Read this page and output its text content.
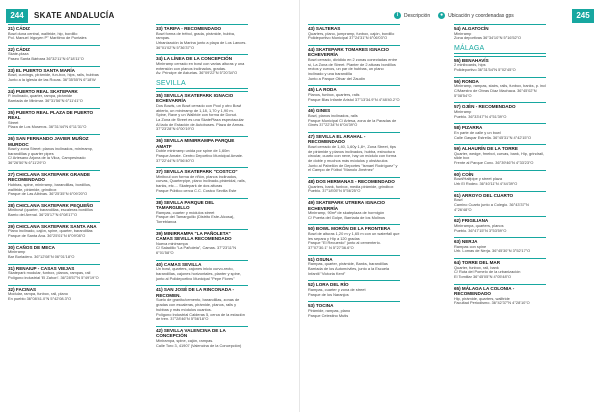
244	SKATE ANDALUCÍA
21) CÁDIZ
Bowl duna central, walltride, hip, bordillo
Pol. Manuel Irigoyen P° Marítimo de Puntales
22) CÁDIZ
Skate-plaza
Paseo Santa Bárbara 36°32'11"N 6°18'11"O
23) EL PUERTO SANTA MARÍA
Bowl, curvings, pirámide, fun-box, hips, rails, hubbas
Junto a la iglesia de las Rocas. 36°35'55"N 6°18'W
24) PUERTO REAL SKATEPARK
P. inclinado, quarter, rampa, pirámide
Barriada de Minimar. 36°31'56"N 6°11'41"O
25) PUERTO REAL PLAZA DE PUERTO REAL
Street
Plaza de Los Museros. 36°31'44"N 6°11'31"O
26) SAN FERNANDO JAVIER MUÑOZ MURDOC
Bowl y zona Street: planos inclinados, minirramp, barandillas y quarter pipes
C/ Artesano Arjona de la Vilca, Campesinado 36°26'50"N 6°11'29"O
27) CHICLANA SKATEPARK GRANDE RECOMENDADO
Hubbas, spine, minirramp, barandillas, bordillos, walltride, pirámide, grindbox
Parque de Las Albinas. 36°25'35"N 6°09'20"O
28) CHICLANA SKATEPARK PEQUEÑO
Minibowl (quarter, barandillas, escaleras bordillos
Barrio del Arenal. 36°25'17"N 6°08'17"O
29) CHICLANA SKATEPARK SANTA ANA
Plano inclinado, cajón, spine, quarter, barandillas
Parque de Santa Ana. 36°25'01"N 6°09'08"O
30) CAÑOS DE MECA
Minirramp
Bar Burladero. 36°12'08"N 06°01'18"O
31) RENAIUP - CASAS VIEJAS
Skatepark modular, funbox, planos, rampas, rail
Polígono industrial 'El Zahorí'. 36°28'57"N 5°49'19"O
32) FACINAS
Modular, rampa, funbox, rail, plano
En pueblo 36°08'41.0"N 5°42'08.3"O
33) TARIFA - RECOMENDADO
Bowl forma de trébol, grada, pirámide, hubba, rampas.
Urbanización la Marina junto a playa de Los Lances.
36°01'02"N 5°36'37"O
34) LA LÍNEA DE LA CONCEPCIÓN
Minirramp cerrado en bowl con varias alturas y una extensión con planos inclinados, gradas.
Av. Príncipe de Asturias. 36°09'22"N 5°20'34"O
SEVILLA
35) SEVILLA SKATEPARK IGNACIO ECHEVARRÍA
Dos Bowls, un Bowl cerrado con Pool y otro Bowl abierto, un minirramp de 1,18, 1,70 y 1,90 m.
Spine, Rave y un Wallride con forma de Donut.
La Zona de Street es una SkatePlaza espectacular
Al lado de Estación de Autobuses. Plaza de Armas.
37°23'28"N 6°00'19"O
36) SEVILLA MINIRRAMPA PARQUE AMATF
Doble minirramp unida por spine de 1,60m
Parque Amate. Centro Deportivo Municipal Amate.
37°22'44"N 5°56'40"O
37) SEVILLA SKATEPARK "COSTCO"
Miniboul con forma de riñón, planos inclinados, curvas, Quarterpipe, plano inclinado-pirámidal, rails, banks, etc.... Skatepark de dos alturas
Parque Público cerca C.C. Costco Sevilla Este
38) SEVILLA PARQUE DEL TAMARGUILLO
Rampas, cuarter y módulos street
Parque del Tamarguillo (Distrito Este-Alcosa), Torreblanca
39) MINIRRAMPA "LA PAÑOLETA" CAMAS SEVILLA RECOMENDADO
Nueva minirrampa
C/ Saladillo "La Pañoleta", Camas. 37°23'11"N 6°01'58"O
40) CAMAS SEVILLA
Un bowl, quarters, cajones inicio curvo-recto, barandillas, cajones horizontales, planter y spine,
junto al Polideportivo Municipal "Pepe Flores"
41) SAN JOSÉ DE LA RINCONADA - RECOMEN.
Suelo de granito/cemento, barandillas, zonas de gradas con escaleras, pirámide, planos, rails y hubbas y más módulos cuantos.
Polígono Industrial Calderas 5, cerca de la estación de tren. 37°28'46"N 5°56'18"O
42) SEVILLA VALENCINA DE LA CONCEPCIÓN
Minirampa, spine, cajón, rampas.
Calle Toro 3, 41907 (Valencina de la Concepción)
245
i	Descripción	● Ubicación y coordenadas gps
43) SALTERAS
Quarters, plano, jumpramp, funbox, cajón, bordillo
Polideportivo Municipal 37°24'31"N 6°06'03"O
44) SKATEPARK TOMARES IGNACIO ECHEVERRÍA
Bowl cerrado, dividido en 2 zonas conectadas entre sí, La Zona de Street. Planter de 2 alturas bordillos rectos y curvos, un par de hubbas, un plano inclinado y una barandilla
Junto a Parque Olivar del Zaudín
45) LA RODA
Planos, funbox, quarters, rails
Parque Blas Infante Aristol 37°13'34.9"N 4°48'40.2"O
46) GINES
Bowl, planos inclinados, rails
Parque Municipal C/ Artesa, zona de la Paradas de Ginés 37°22'34"N 6°04'39"O
47) SEVILLA EL ARAHAL - RECOMENDADO
Bowl cerrado de 1,40, 1,60y 1,8+, Zona Street, tips de pirámide y planos inclinados, hubba, estructura circular, cuarto con neve, hay un módulo con forma de doble y muchos más módulos y obstáculos
Junto al Pabellón de Deportes "Ismael Rodríguez" y el Campo de Fútbol "Manolo Jiménez"
48) DOS HERMANAS - RECOMENDADO
Quarters, bank, funbox, media pirámide, grindbox
Pueblo. 37°18'05"N 5°56'25"O
49) SKATEPARK UTRERA IGNACIO ECHEVERRÍA
Minirramp, 90m² de skateplaza de hormigón
C/ Puerta del Golpe, Barriada de los Molinos
50) BOWL MORÓN DE LA FRONTERA
Bowl de alturas 1,20 m y 1,65 m con un waterfall que les separa y Hip a 120 gradas
Parque "El Recuerdo" junto al cementerio. 37°07'30.1" N 5°27'36.6"O
51) OSUNA
Rampas, quarter, pirámide, Banks, barandillas
Barriada de los Automóviles, junto a la Escuela Infantil "Victoria Kent"
52) LORA DEL RÍO
Rampas, cuarter y zona de street
Parque de los Naranjos
53) TOCINA
Pirámide, rampas, plano
Parque Celestino Mutis
54) ALGATOCÍN
Minirramp
Zona deportivas 36°34'10"N 5°16'52"O
MÁLAGA
55) BENAHAVÍS
2 miniboards, hips
Polideportivo 36°31'54"N 5°02'45"O
56) RONDA
Minirramp, rampas, stairs, rails, funbox, banks, p. incl
C/Maestro de Obras Díaz Machaca. 36°45'02"N 5°08'54"O
57) OJÉN - RECOMENDADO
Minirramp
Pueblo. 36°33'47"N 4°51'39"O
58) PIZARRA
En parte de calle y un bowl
Calle Gaspar Estrella. 36°45'31"N 4°42'15"O
59) ALHAURÍN DE LA TORRE
Quarter, wedge, fmebot, curvas, bank, Hip, grindrail, slide box
Frente al Parque Conc. 36°39'46"N 4°33'23"O
60) COÍN
Bowl/Halfpipe y street plaza
Urb El Rodeo. 36°40'11"N 4°44'39"O
61) ARROYO DEL CUARTO
Bowl
Camino Cuarto junto a Colegio. 36°43'37"N 4°26'48"O
62) FRIGILIANA
Minirrampa, quarters, planos
Pueblo. 36°47'15"N 3°53'59"O
63) NERJA
Rampas con spine
Urb. Lomas de Nerja. 36°45'30"N 3°52'17"O
64) TORRE DEL MAR
Quarter, funbox, rail, bank
C/ Ruta del Pomelo de la urbanización
El Tomillar 36°45'05"N 4°05'48"O
65) MÁLAGA LA COLONIA - RECOMENDADO
Hip, pirámide, quarters, walltride
Facultad Periodismo. 36°42'37"N 4°28'10"O
